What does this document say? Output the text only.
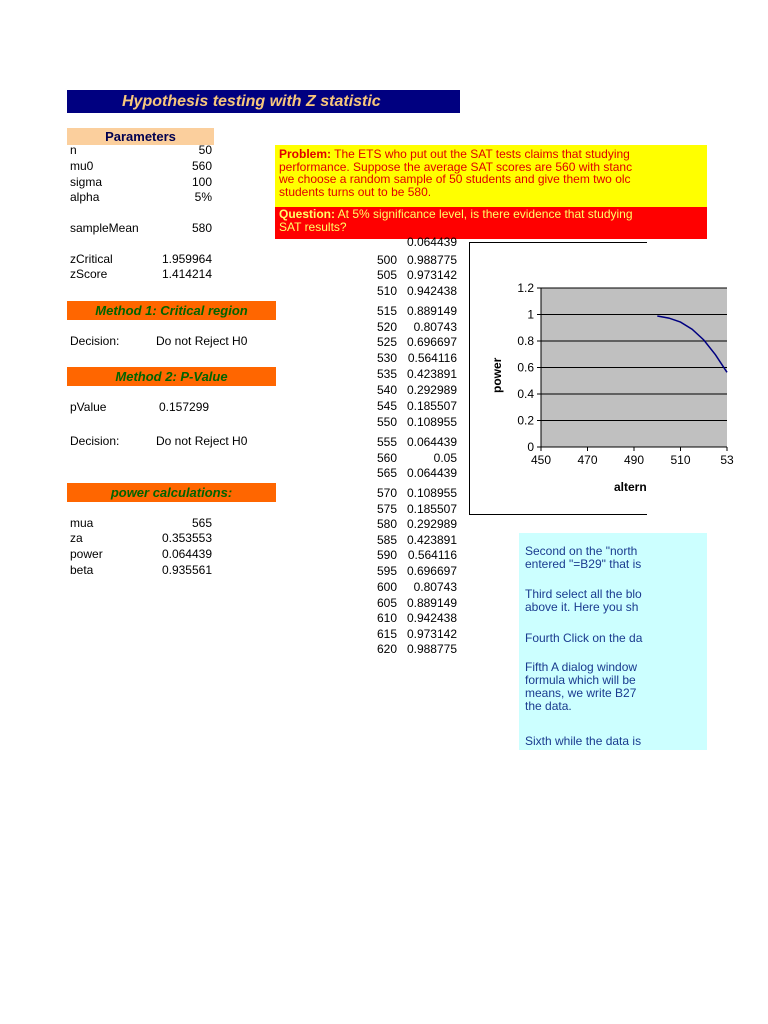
Hypothesis testing with Z statistic
Parameters
n	50
mu0	560
sigma	100
alpha	5%
sampleMean	580
zCritical	1.959964
zScore	1.414214
Method 1: Critical region
Decision:	Do not Reject H0
Method 2: P-Value
pValue	0.157299
Decision:	Do not Reject H0
power calculations:
mua	565
za	0.353553
power	0.064439
beta	0.935561
Problem: The ETS who put out the SAT tests claims that studying
performance. Suppose the average SAT scores are 560 with stanc
we choose a random sample of 50 students and give them two olc
students turns out to be 580.
Question: At 5% significance level, is there evidence that studying
SAT results?
0.064439
500 0.988775
505 0.973142
510 0.942438
515 0.889149
520	0.80743
525 0.696697
530 0.564116
535 0.423891
540 0.292989
545 0.185507
550 0.108955
555 0.064439
560	0.05
565 0.064439
570 0.108955
575 0.185507
580 0.292989
585 0.423891
590 0.564116
595 0.696697
600	0.80743
605 0.889149
610 0.942438
615 0.973142
620 0.988775
0
0.2
0.4
0.6
0.8
1
1.2
450 470 490 510 53
power
altern

Second on the "north
entered "=B29" that is

Third select all the blo
above it. Here you sh

Fourth Click on the da

Fifth A dialog window
formula which will be
means, we write B27
the data.

Sixth while the data is
